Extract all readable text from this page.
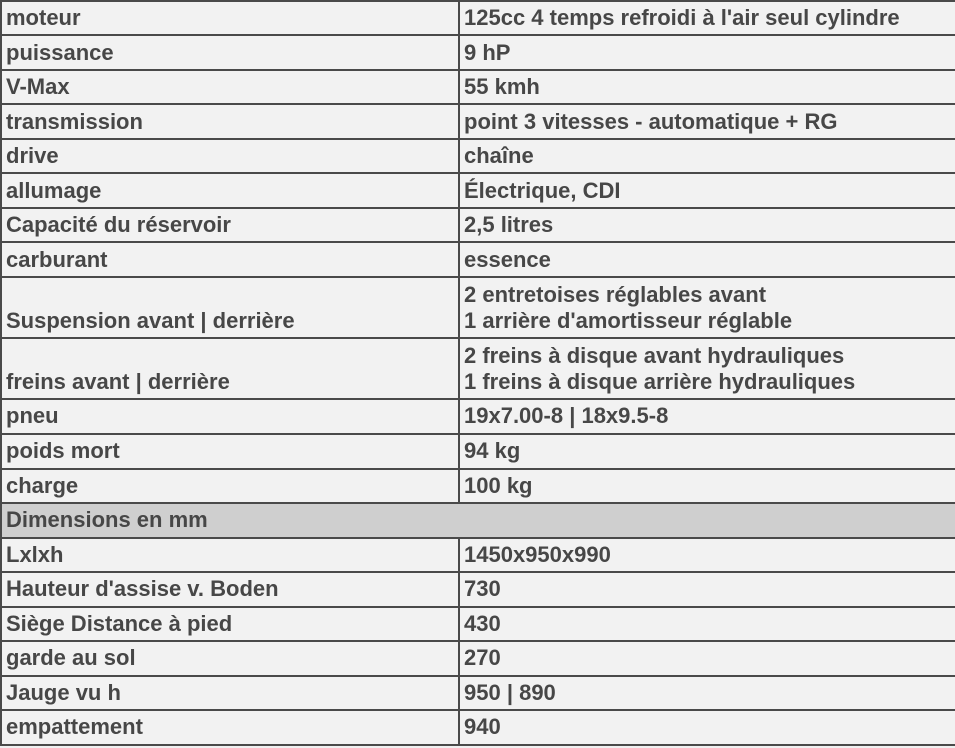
moteur	125cc 4 temps refroidi à l'air seul cylindre
puissance	9 hP
V-Max	55 kmh
transmission	point 3 vitesses - automatique + RG
drive	chaîne
allumage	Électrique, CDI
Capacité du réservoir	2,5 litres
carburant	essence
Suspension avant | derrière	2 entretoises réglables avant
1 arrière d'amortisseur réglable

freins avant | derrière	2 freins à disque avant hydrauliques
1 freins à disque arrière hydrauliques

pneu	19x7.00-8 | 18x9.5-8
poids mort	94 kg
charge	100 kg
Dimensions en mm	
Lxlxh	1450x950x990
Hauteur d'assise v. Boden	730
Siège Distance à pied	430
garde au sol	270
Jauge vu h	950 | 890
empattement	940
